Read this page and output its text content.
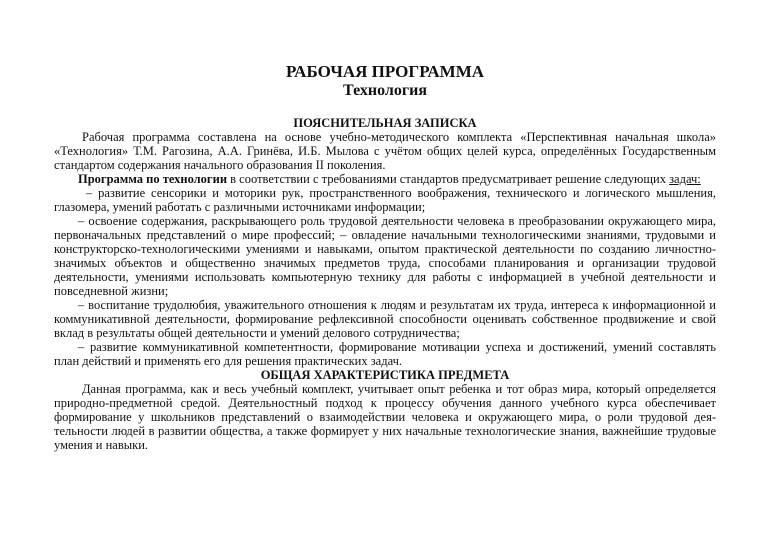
РАБОЧАЯ ПРОГРАММА
Технология
ПОЯСНИТЕЛЬНАЯ ЗАПИСКА

Рабочая программа составлена на основе учебно-методического комплекта «Перспективная начальная школа» «Технология» Т.М. Рагозина, А.А. Гринёва, И.Б. Мылова с учётом общих целей курса, определённых Государственным стандартом содержания начального образования II поколения.

Программа по технологии в соответствии с требованиями стандартов предусматривает решение следующих задач:

– развитие сенсорики и моторики рук, пространственного воображения, технического и логического мышления, глазомера, умений работать с различными источниками информации;

– освоение содержания, раскрывающего роль трудовой деятельности человека в преобразовании окружающего мира, первоначальных представлений о мире профессий; – овладение начальными технологическими знаниями, трудовыми и конструкторско-технологическими умениями и навыками, опытом практической деятельности по созданию личностно-значимых объектов и общественно значимых предметов труда, способами планирования и организации трудовой деятельности, умениями использовать компьютерную технику для работы с информацией в учебной деятельности и повседневной жизни;

– воспитание трудолюбия, уважительного отношения к людям и результатам их труда, интереса к информационной и коммуникативной деятельности, формирование рефлексивной способности оценивать собственное продвижение и свой вклад в результаты общей деятельности и умений делового сотрудничества;

– развитие коммуникативной компетентности, формирование мотивации успеха и достижений, умений составлять план действий и применять его для решения практических задач.

ОБЩАЯ ХАРАКТЕРИСТИКА ПРЕДМЕТА

Данная программа, как и весь учебный комплект, учитывает опыт ребенка и тот образ мира, который определяется природно-предметной средой. Деятельностный подход к процессу обучения данного учебного курса обеспечивает формирование у школьников представлений о взаимодействии человека и окружающего мира, о роли трудовой дея-тельности людей в развитии общества, а также формирует у них начальные технологические знания, важнейшие трудовые умения и навыки.
